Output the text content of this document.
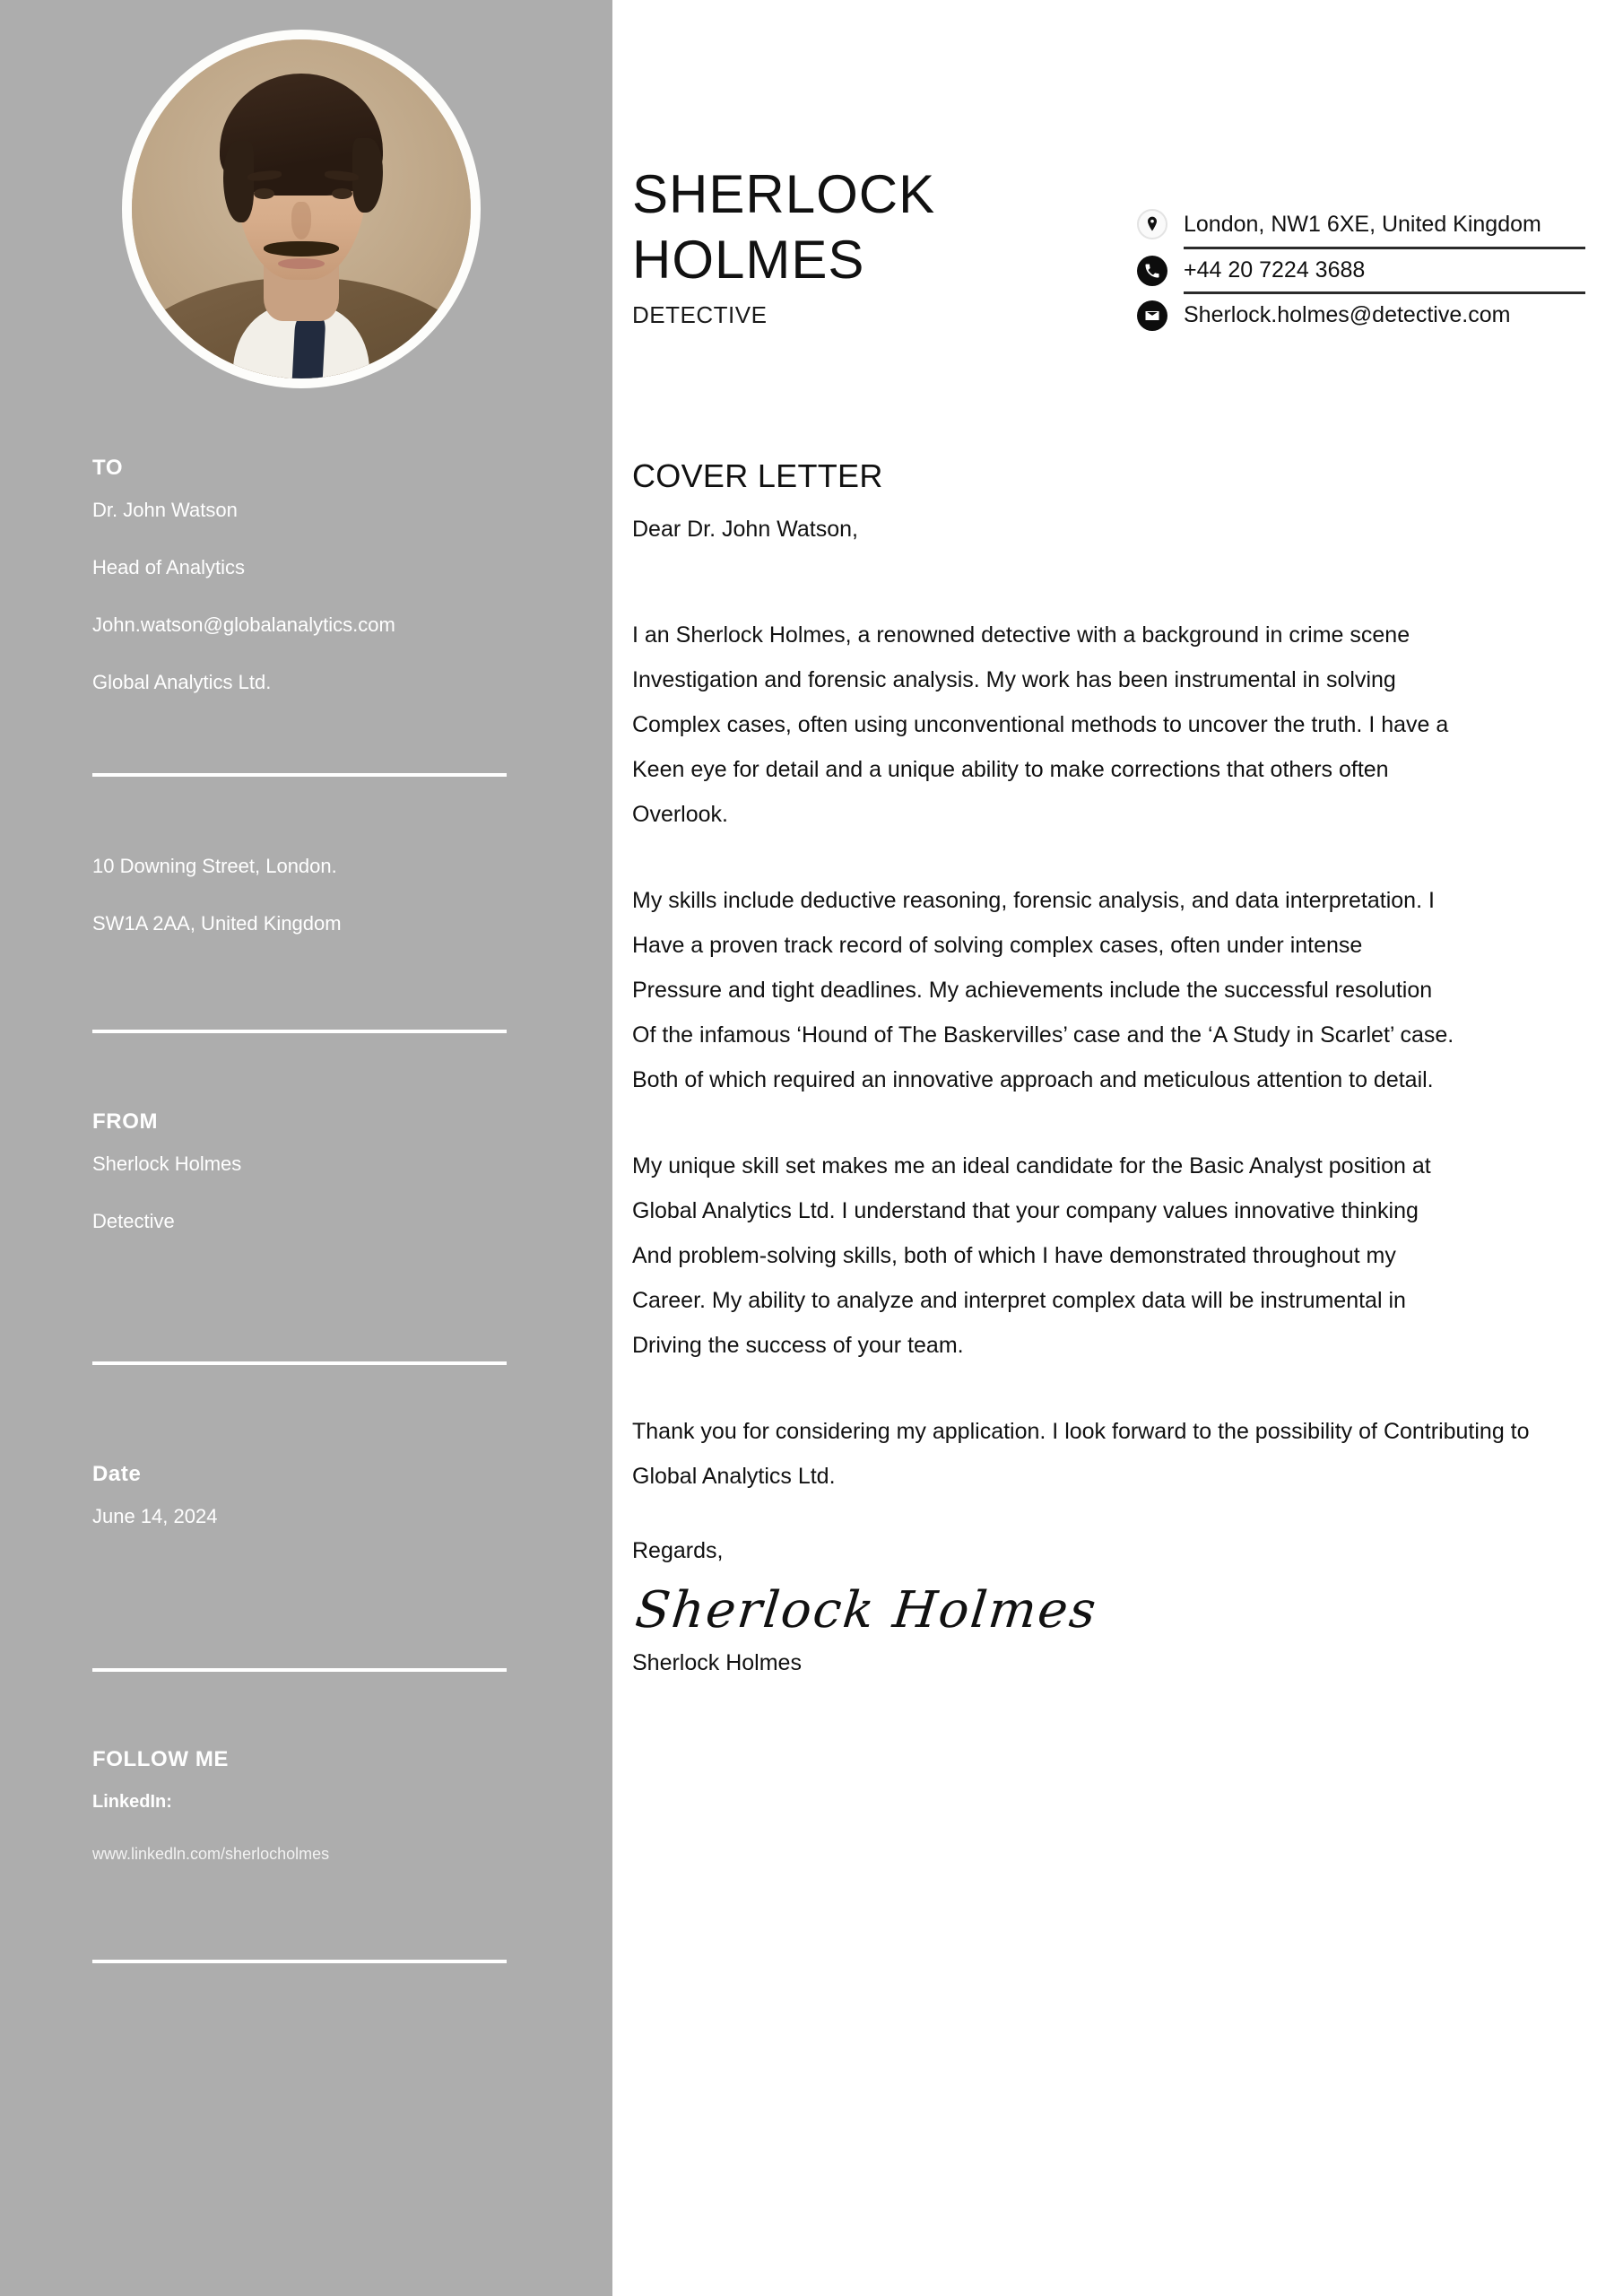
TO
Dr. John Watson
Head of Analytics
John.watson@globalanalytics.com
Global Analytics Ltd.
10 Downing Street, London.
SW1A 2AA, United Kingdom
FROM
Sherlock Holmes
Detective
Date
June 14, 2024
FOLLOW ME
LinkedIn:
www.linkedln.com/sherlocholmes
SHERLOCK
HOLMES
DETECTIVE
London, NW1 6XE, United Kingdom
+44 20 7224 3688
Sherlock.holmes@detective.com
COVER LETTER
Dear Dr. John Watson,
I an Sherlock Holmes, a renowned detective with a background in crime scene
Investigation and forensic analysis. My work has been instrumental in solving
Complex cases, often using unconventional methods to uncover the truth. I have a
Keen eye for detail and a unique ability to make corrections that others often
Overlook.
My skills include deductive reasoning, forensic analysis, and data interpretation. I
Have a proven track record of solving complex cases, often under intense
Pressure and tight deadlines. My achievements include the successful resolution
Of the infamous ‘Hound of The Baskervilles’ case and the ‘A Study in Scarlet’ case.
Both of which required an innovative approach and meticulous attention to detail.
My unique skill set makes me an ideal candidate for the Basic Analyst position at
Global Analytics Ltd. I understand that your company values innovative thinking
And problem-solving skills, both of which I have demonstrated throughout my
Career. My ability to analyze and interpret complex data will be instrumental in
Driving the success of your team.
Thank you for considering my application. I look forward to the possibility of Contributing to Global Analytics Ltd.
Regards,
Sherlock Holmes
Sherlock Holmes
